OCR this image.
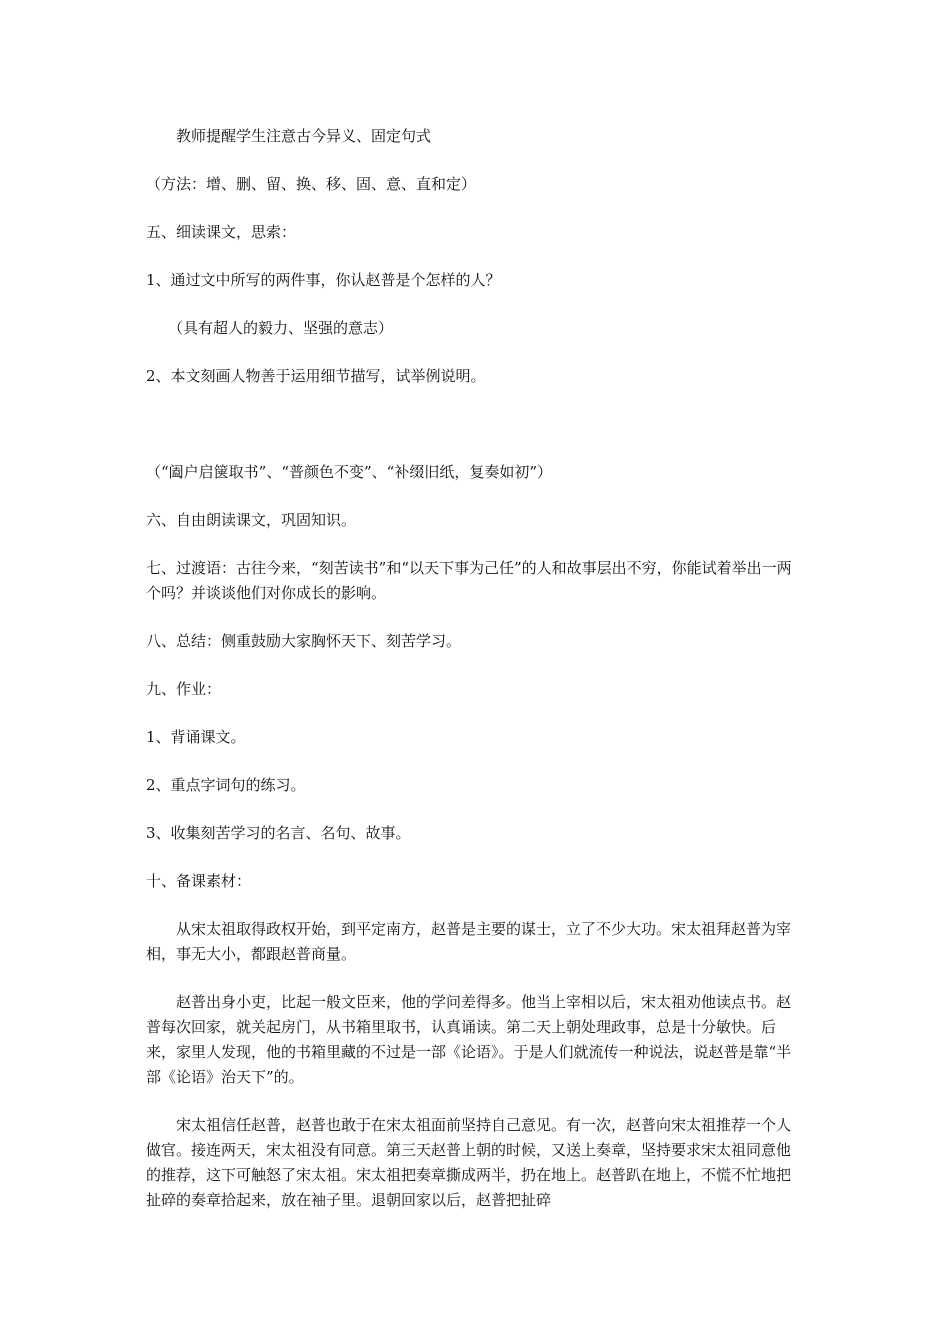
教师提醒学生注意古今异义、固定句式

（方法：增、删、留、换、移、固、意、直和定）

五、细读课文，思索：

1、通过文中所写的两件事，你认赵普是个怎样的人？

（具有超人的毅力、坚强的意志）

2、本文刻画人物善于运用细节描写，试举例说明。

（“阖户启箧取书”、“普颜色不变”、“补缀旧纸，复奏如初”）

六、自由朗读课文，巩固知识。

七、过渡语：古往今来，“刻苦读书”和“以天下事为己任”的人和故事层出不穷，你能试着举出一两个吗？并谈谈他们对你成长的影响。

八、总结：侧重鼓励大家胸怀天下、刻苦学习。

九、作业：

1、背诵课文。

2、重点字词句的练习。

3、收集刻苦学习的名言、名句、故事。

十、备课素材：

从宋太祖取得政权开始，到平定南方，赵普是主要的谋士，立了不少大功。宋太祖拜赵普为宰相，事无大小，都跟赵普商量。

赵普出身小吏，比起一般文臣来，他的学问差得多。他当上宰相以后，宋太祖劝他读点书。赵普每次回家，就关起房门，从书箱里取书，认真诵读。第二天上朝处理政事，总是十分敏快。后来，家里人发现，他的书箱里藏的不过是一部《论语》。于是人们就流传一种说法，说赵普是靠“半部《论语》治天下”的。

宋太祖信任赵普，赵普也敢于在宋太祖面前坚持自己意见。有一次，赵普向宋太祖推荐一个人做官。接连两天，宋太祖没有同意。第三天赵普上朝的时候，又送上奏章，坚持要求宋太祖同意他的推荐，这下可触怒了宋太祖。宋太祖把奏章撕成两半，扔在地上。赵普趴在地上，不慌不忙地把扯碎的奏章拾起来，放在袖子里。退朝回家以后，赵普把扯碎
